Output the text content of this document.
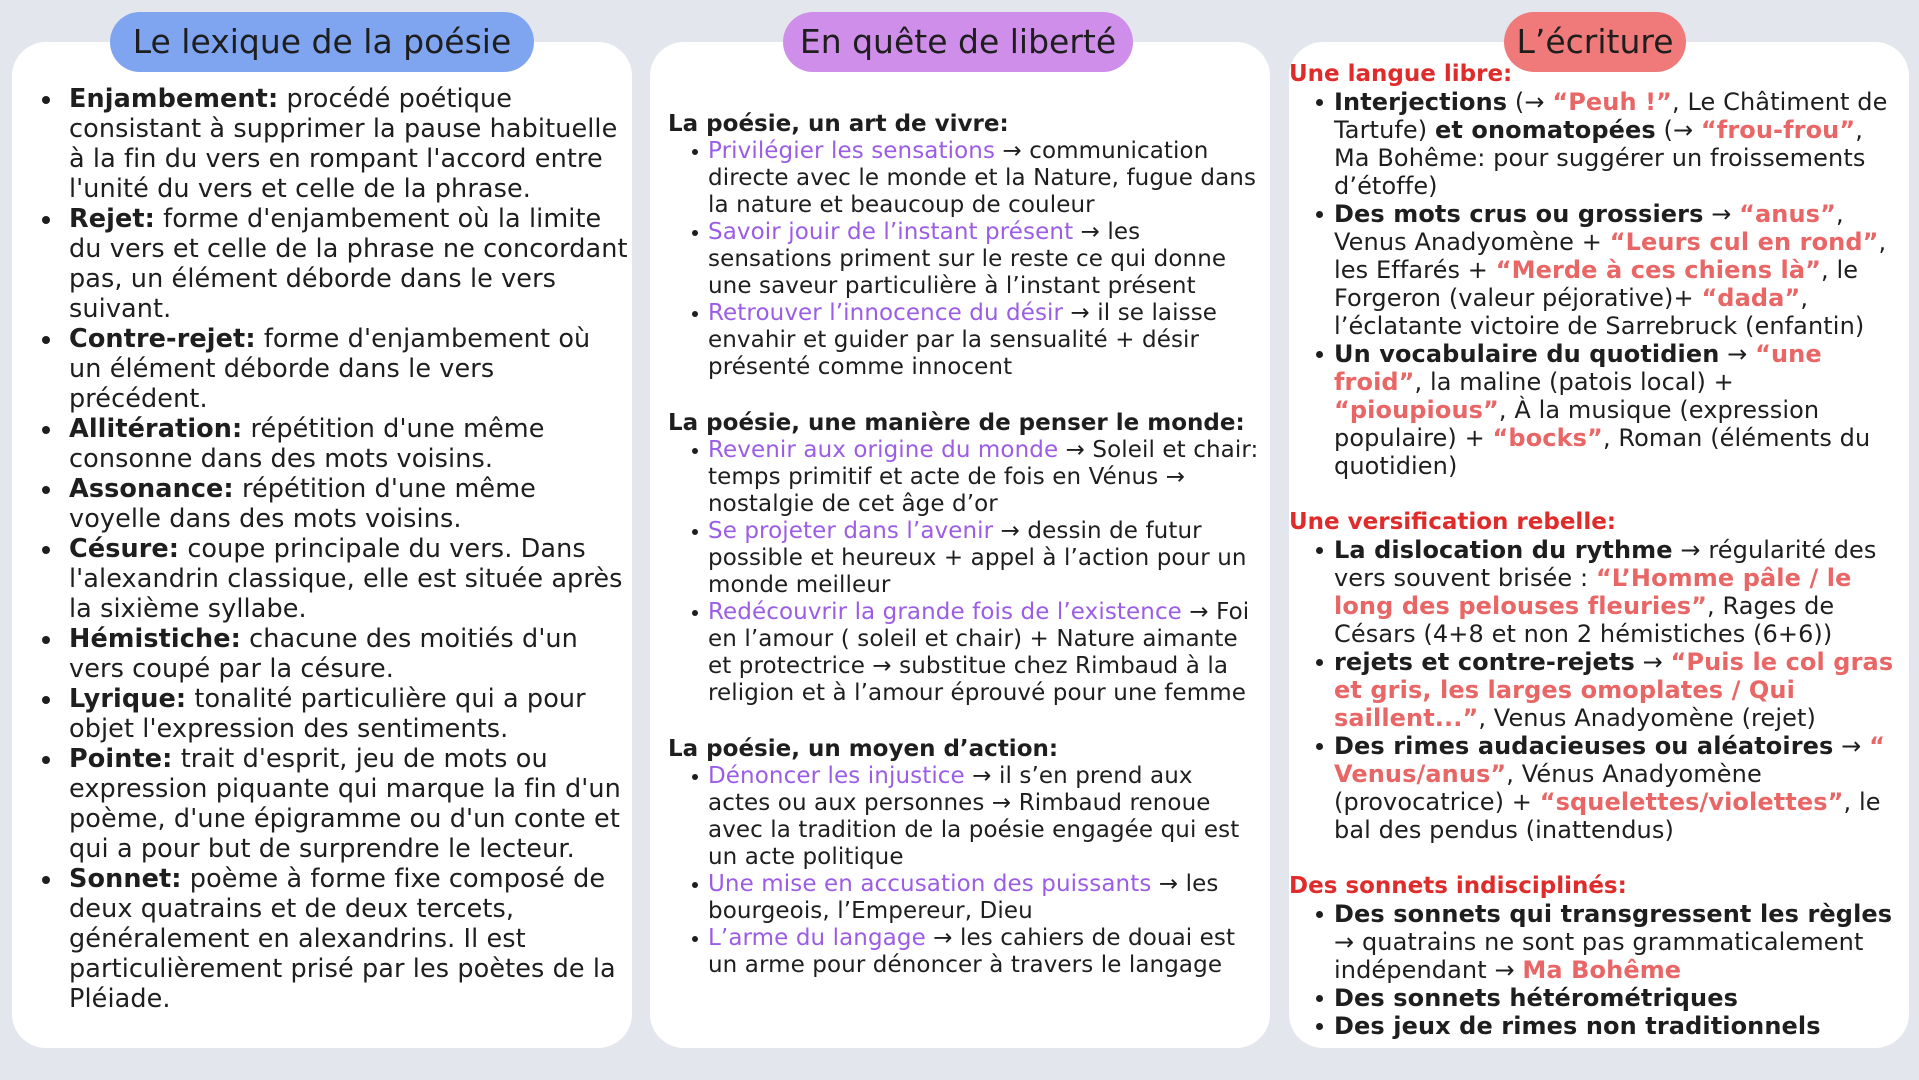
Enjambement: procédé poétique consistant à supprimer la pause habituelle à la fin du vers en rompant l'accord entre l'unité du vers et celle de la phrase.
Rejet: forme d'enjambement où la limite du vers et celle de la phrase ne concordant pas, un élément déborde dans le vers suivant.
Contre-rejet: forme d'enjambement où un élément déborde dans le vers précédent.
Allitération: répétition d'une même consonne dans des mots voisins.
Assonance: répétition d'une même voyelle dans des mots voisins.
Césure: coupe principale du vers. Dans l'alexandrin classique, elle est située après la sixième syllabe.
Hémistiche: chacune des moitiés d'un vers coupé par la césure.
Lyrique: tonalité particulière qui a pour objet l'expression des sentiments.
Pointe: trait d'esprit, jeu de mots ou expression piquante qui marque la fin d'un poème, d'une épigramme ou d'un conte et qui a pour but de surprendre le lecteur.
Sonnet: poème à forme fixe composé de deux quatrains et de deux tercets, généralement en alexandrins. Il est particulièrement prisé par les poètes de la Pléiade.
La poésie, un art de vivre:
Privilégier les sensations → communication directe avec le monde et la Nature, fugue dans la nature et beaucoup de couleur
Savoir jouir de l’instant présent → les sensations priment sur le reste ce qui donne une saveur particulière à l’instant présent
Retrouver l’innocence du désir → il se laisse envahir et guider par la sensualité + désir présenté comme innocent
La poésie, une manière de penser le monde:
Revenir aux origine du monde → Soleil et chair: temps primitif et acte de fois en Vénus → nostalgie de cet âge d’or
Se projeter dans l’avenir → dessin de futur possible et heureux + appel à l’action pour un monde meilleur
Redécouvrir la grande fois de l’existence → Foi en l’amour ( soleil et chair) + Nature aimante et protectrice → substitue chez Rimbaud à la religion et à l’amour éprouvé pour une femme
La poésie, un moyen d’action:
Dénoncer les injustice → il s’en prend aux actes ou aux personnes → Rimbaud renoue avec la tradition de la poésie engagée qui est un acte politique
Une mise en accusation des puissants → les bourgeois, l’Empereur, Dieu
L’arme du langage → les cahiers de douai est un arme pour dénoncer à travers le langage
Une langue libre:
Interjections (→ “Peuh !”, Le Châtiment de Tartufe) et onomatopées (→ “frou-frou”, Ma Bohême: pour suggérer un froissements d’étoffe)
Des mots crus ou grossiers → “anus”, Venus Anadyomène + “Leurs cul en rond”, les Effarés + “Merde à ces chiens là”, le Forgeron (valeur péjorative)+ “dada”, l’éclatante victoire de Sarrebruck (enfantin)
Un vocabulaire du quotidien → “une froid”, la maline (patois local) + “pioupious”, À la musique (expression populaire) + “bocks”, Roman (éléments du quotidien)
Une versification rebelle:
La dislocation du rythme → régularité des vers souvent brisée : “L’Homme pâle / le long des pelouses fleuries”, Rages de Césars (4+8 et non 2 hémistiches (6+6))
rejets et contre-rejets → “Puis le col gras et gris, les larges omoplates / Qui saillent...”, Venus Anadyomène (rejet)
Des rimes audacieuses ou aléatoires → “ Venus/anus”, Vénus Anadyomène (provocatrice) + “squelettes/violettes”, le bal des pendus (inattendus)
Des sonnets indisciplinés:
Des sonnets qui transgressent les règles → quatrains ne sont pas grammaticalement indépendant → Ma Bohême
Des sonnets hétérométriques
Des jeux de rimes non traditionnels
Le lexique de la poésie	En quête de liberté	L’écriture
